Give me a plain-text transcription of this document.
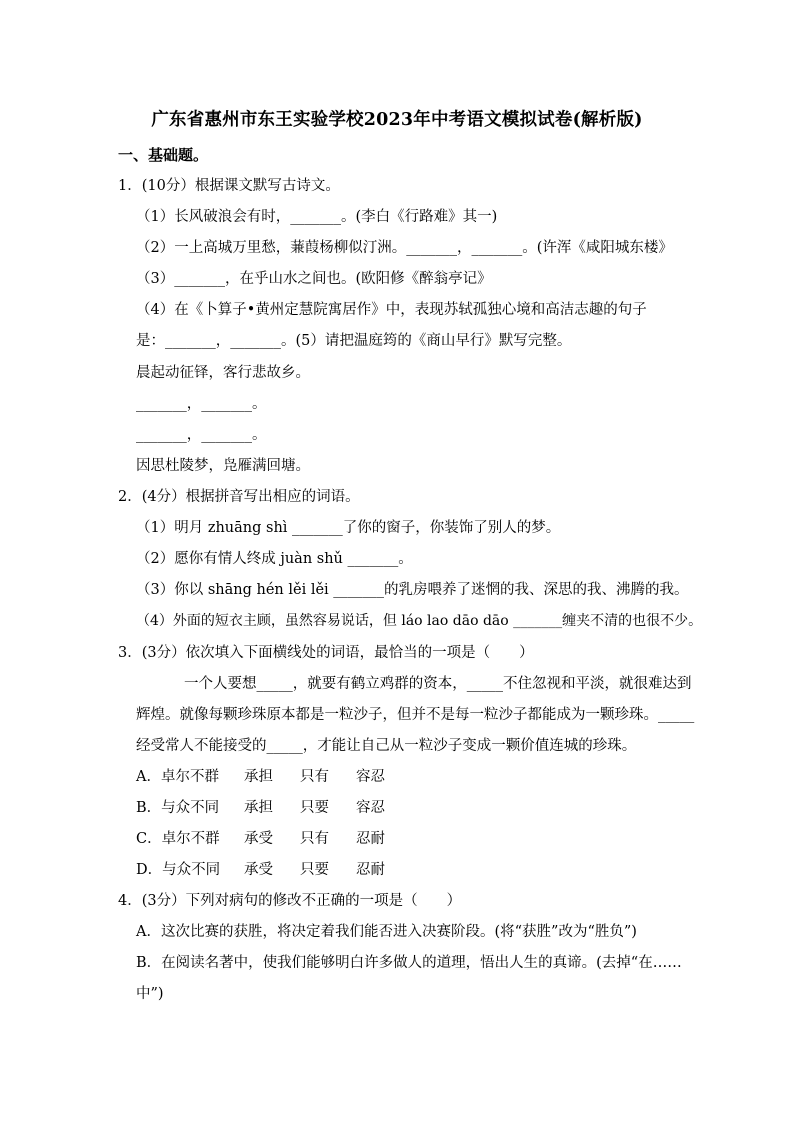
广东省惠州市东王实验学校2023年中考语文模拟试卷(解析版)
一、基础题。
1．(10分）根据课文默写古诗文。
（1）长风破浪会有时，_______。(李白《行路难》其一)
（2）一上高城万里愁，蒹葭杨柳似汀洲。_______，_______。(许浑《咸阳城东楼》
（3）_______，在乎山水之间也。(欧阳修《醉翁亭记》
（4）在《卜算子•黄州定慧院寓居作》中，表现苏轼孤独心境和高洁志趣的句子
是：_______，_______。(5）请把温庭筠的《商山早行》默写完整。
晨起动征铎，客行悲故乡。
_______，_______。
_______，_______。
因思杜陵梦，凫雁满回塘。
2．(4分）根据拼音写出相应的词语。
（1）明月 zhuāng shì _______了你的窗子，你装饰了别人的梦。
（2）愿你有情人终成 juàn shǔ _______。
（3）你以 shāng hén lěi lěi _______的乳房喂养了迷惘的我、深思的我、沸腾的我。
（4）外面的短衣主顾，虽然容易说话，但 láo lao dāo dāo _______缠夹不清的也很不少。
3．(3分）依次填入下面横线处的词语，最恰当的一项是（　　）
一个人要想_____，就要有鹤立鸡群的资本，_____不住忽视和平淡，就很难达到
辉煌。就像每颗珍珠原本都是一粒沙子，但并不是每一粒沙子都能成为一颗珍珠。_____
经受常人不能接受的_____，才能让自己从一粒沙子变成一颗价值连城的珍珠。
A．卓尔不群 承担 只有 容忍
B．与众不同 承担 只要 容忍
C．卓尔不群 承受 只有 忍耐
D．与众不同 承受 只要 忍耐
4．(3分）下列对病句的修改不正确的一项是（　　）
A．这次比赛的获胜，将决定着我们能否进入决赛阶段。(将“获胜”改为“胜负”)
B．在阅读名著中，使我们能够明白许多做人的道理，悟出人生的真谛。(去掉“在……
中”)
